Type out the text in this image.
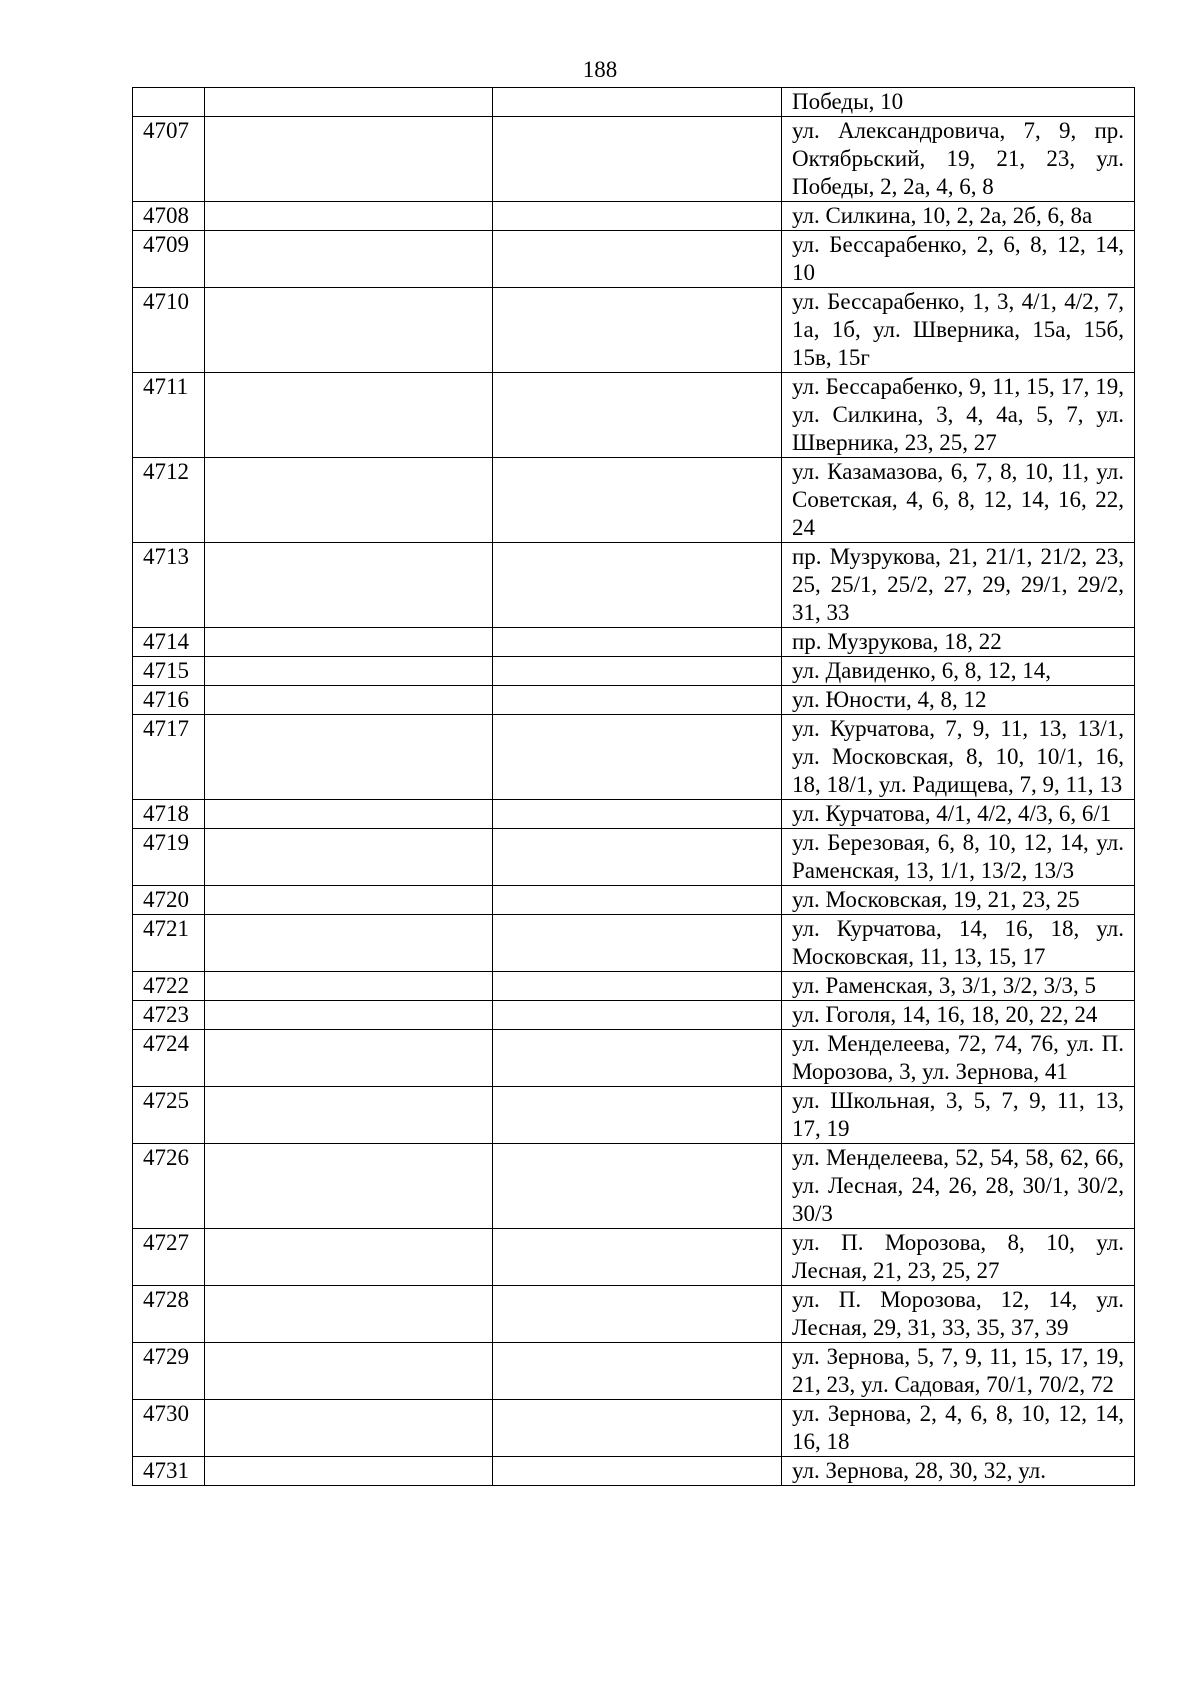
188
			Победы, 10
4707			ул. Александровича, 7, 9, пр. Октябрьский, 19, 21, 23, ул. Победы, 2, 2а, 4, 6, 8
4708			ул. Силкина, 10, 2, 2а, 2б, 6, 8а
4709			ул. Бессарабенко, 2, 6, 8, 12, 14, 10
4710			ул. Бессарабенко, 1, 3, 4/1, 4/2, 7, 1а, 1б, ул. Шверника, 15а, 15б, 15в, 15г
4711			ул. Бессарабенко, 9, 11, 15, 17, 19, ул. Силкина, 3, 4, 4а, 5, 7, ул. Шверника, 23, 25, 27
4712			ул. Казамазова, 6, 7, 8, 10, 11, ул. Советская, 4, 6, 8, 12, 14, 16, 22, 24
4713			пр. Музрукова, 21, 21/1, 21/2, 23, 25, 25/1, 25/2, 27, 29, 29/1, 29/2, 31, 33
4714			пр. Музрукова, 18, 22
4715			ул. Давиденко, 6, 8, 12, 14,
4716			ул. Юности, 4, 8, 12
4717			ул. Курчатова, 7, 9, 11, 13, 13/1, ул. Московская, 8, 10, 10/1, 16, 18, 18/1, ул. Радищева, 7, 9, 11, 13
4718			ул. Курчатова, 4/1, 4/2, 4/3, 6, 6/1
4719			ул. Березовая, 6, 8, 10, 12, 14, ул. Раменская, 13, 1/1, 13/2, 13/3
4720			ул. Московская, 19, 21, 23, 25
4721			ул. Курчатова, 14, 16, 18, ул. Московская, 11, 13, 15, 17
4722			ул. Раменская, 3, 3/1, 3/2, 3/3, 5
4723			ул. Гоголя, 14, 16, 18, 20, 22, 24
4724			ул. Менделеева, 72, 74, 76, ул. П. Морозова, 3, ул. Зернова, 41
4725			ул. Школьная, 3, 5, 7, 9, 11, 13, 17, 19
4726			ул. Менделеева, 52, 54, 58, 62, 66, ул. Лесная, 24, 26, 28, 30/1, 30/2, 30/3
4727			ул. П. Морозова, 8, 10, ул. Лесная, 21, 23, 25, 27
4728			ул. П. Морозова, 12, 14, ул. Лесная, 29, 31, 33, 35, 37, 39
4729			ул. Зернова, 5, 7, 9, 11, 15, 17, 19, 21, 23, ул. Садовая, 70/1, 70/2, 72
4730			ул. Зернова, 2, 4, 6, 8, 10, 12, 14, 16, 18
4731			ул. Зернова, 28, 30, 32, ул.
